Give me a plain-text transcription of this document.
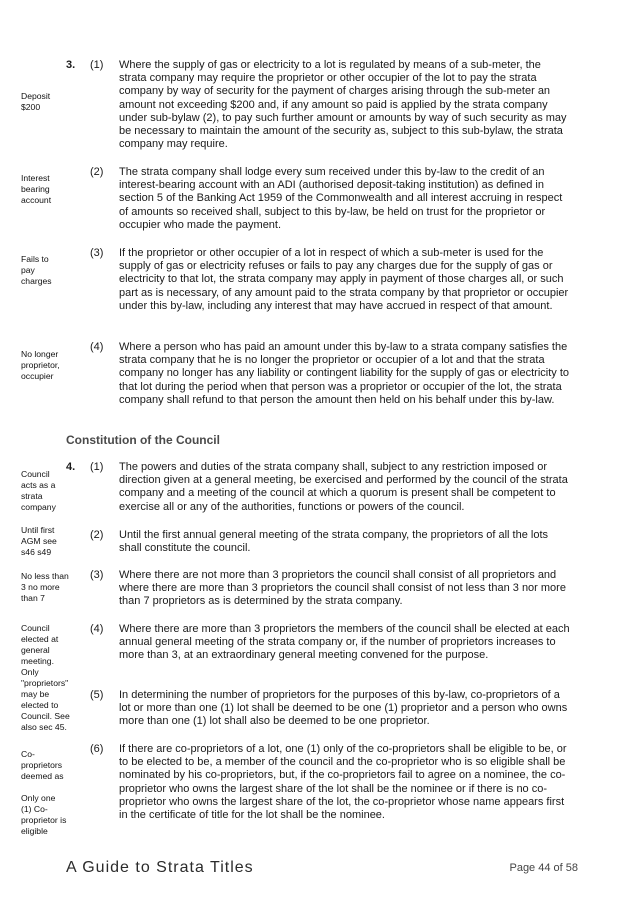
Deposit
$200
Interest
bearing
account
Fails to
pay
charges
No longer
proprietor,
occupier
Council
acts as a
strata
company
Until first
AGM see
s46 s49
No less than
3 no more
than 7
Council
elected at
general
meeting.
Only
"proprietors"
may be
elected to
Council. See
also sec 45.
Co-
proprietors
deemed as

Only one
(1) Co-
proprietor is
eligible
3. (1) Where the supply of gas or electricity to a lot is regulated by means of a sub-meter, the strata company may require the proprietor or other occupier of the lot to pay the strata company by way of security for the payment of charges arising through the sub-meter an amount not exceeding $200 and, if any amount so paid is applied by the strata company under sub-bylaw (2), to pay such further amount or amounts by way of such security as may be necessary to maintain the amount of the security as, subject to this sub-bylaw, the strata company may require.
(2) The strata company shall lodge every sum received under this by-law to the credit of an interest-bearing account with an ADI (authorised deposit-taking institution) as defined in section 5 of the Banking Act 1959 of the Commonwealth and all interest accruing in respect of amounts so received shall, subject to this by-law, be held on trust for the proprietor or occupier who made the payment.
(3) If the proprietor or other occupier of a lot in respect of which a sub-meter is used for the supply of gas or electricity refuses or fails to pay any charges due for the supply of gas or electricity to that lot, the strata company may apply in payment of those charges all, or such part as is necessary, of any amount paid to the strata company by that proprietor or occupier under this by-law, including any interest that may have accrued in respect of that amount.
(4) Where a person who has paid an amount under this by-law to a strata company satisfies the strata company that he is no longer the proprietor or occupier of a lot and that the strata company no longer has any liability or contingent liability for the supply of gas or electricity to that lot during the period when that person was a proprietor or occupier of the lot, the strata company shall refund to that person the amount then held on his behalf under this by-law.
Constitution of the Council
4. (1) The powers and duties of the strata company shall, subject to any restriction imposed or direction given at a general meeting, be exercised and performed by the council of the strata company and a meeting of the council at which a quorum is present shall be competent to exercise all or any of the authorities, functions or powers of the council.
(2) Until the first annual general meeting of the strata company, the proprietors of all the lots shall constitute the council.
(3) Where there are not more than 3 proprietors the council shall consist of all proprietors and where there are more than 3 proprietors the council shall consist of not less than 3 nor more than 7 proprietors as is determined by the strata company.
(4) Where there are more than 3 proprietors the members of the council shall be elected at each annual general meeting of the strata company or, if the number of proprietors increases to more than 3, at an extraordinary general meeting convened for the purpose.
(5) In determining the number of proprietors for the purposes of this by-law, co-proprietors of a lot or more than one (1) lot shall be deemed to be one (1) proprietor and a person who owns more than one (1) lot shall also be deemed to be one proprietor.
(6) If there are co-proprietors of a lot, one (1) only of the co-proprietors shall be eligible to be, or to be elected to be, a member of the council and the co-proprietor who is so eligible shall be nominated by his co-proprietors, but, if the co-proprietors fail to agree on a nominee, the co-proprietor who owns the largest share of the lot shall be the nominee or if there is no co-proprietor who owns the largest share of the lot, the co-proprietor whose name appears first in the certificate of title for the lot shall be the nominee.
A Guide to Strata Titles	Page 44 of 58
